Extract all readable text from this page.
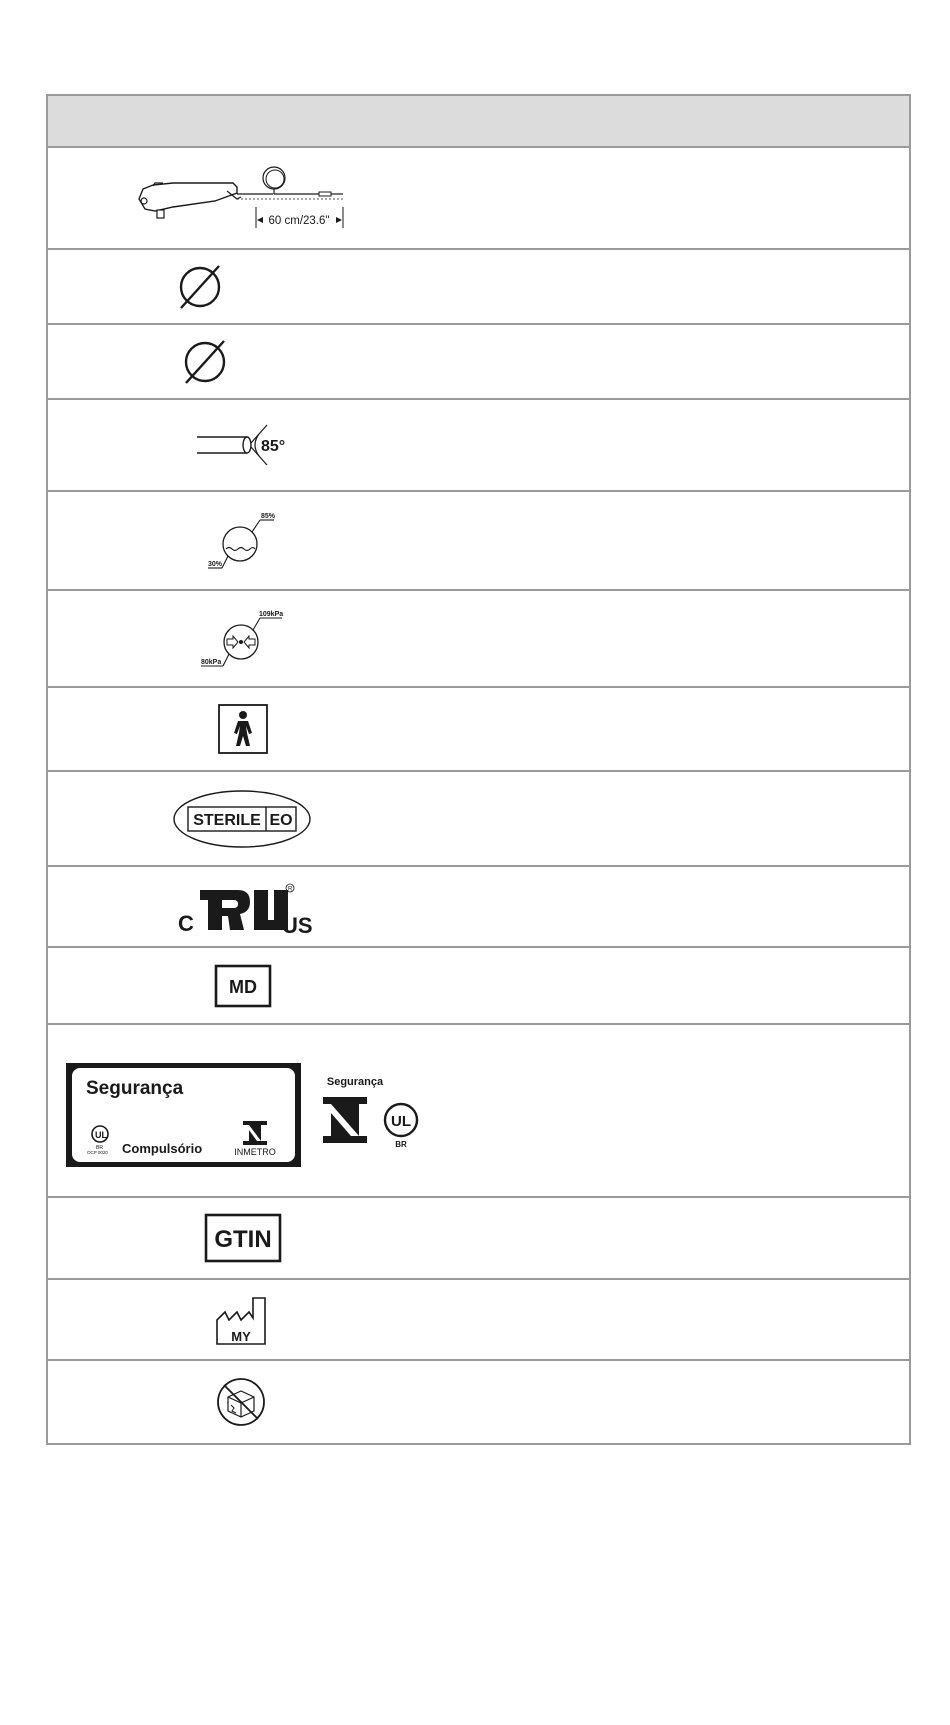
60 cm/23.6"
85°
85%
30%
109kPa
80kPa
STERILE EO
C
R
US
MD
Segurança
UL
BR
OCP 0020 Compulsório	INMETRO
Segurança
UL
BR
GTIN
MY
